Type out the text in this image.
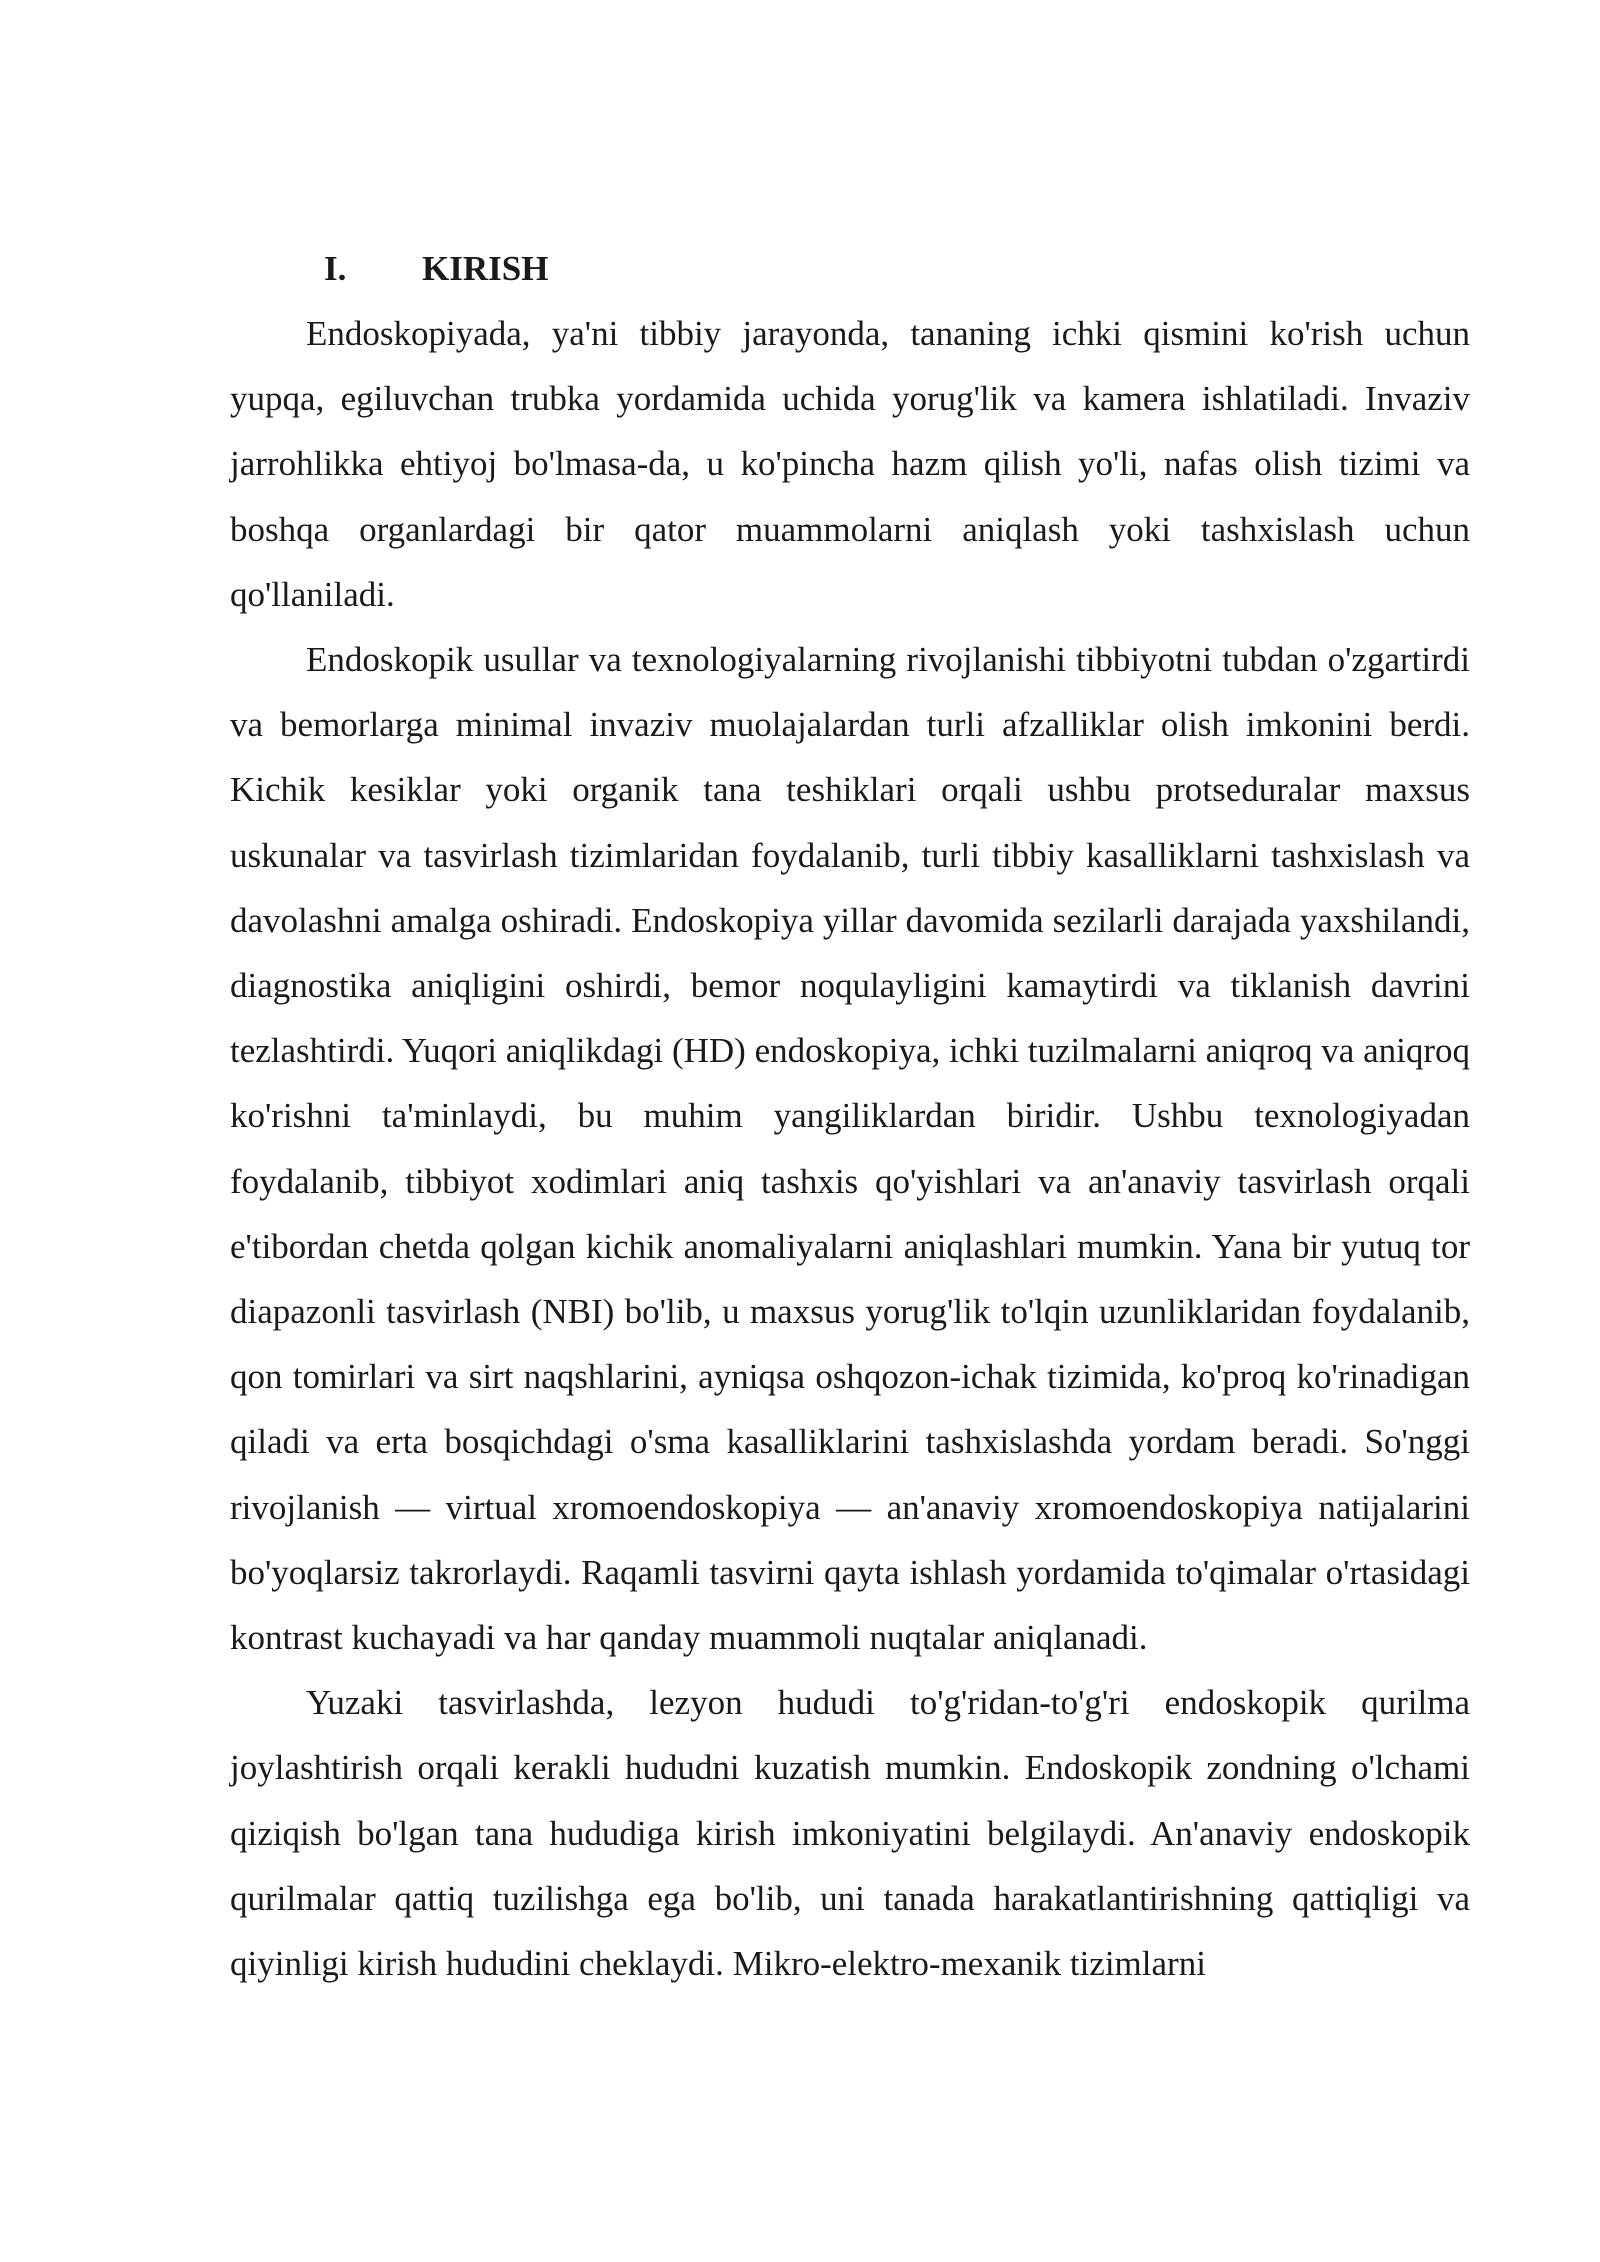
I.	KIRISH

Endoskopiyada, ya'ni tibbiy jarayonda, tananing ichki qismini ko'rish uchun yupqa, egiluvchan trubka yordamida uchida yorug'lik va kamera ishlatiladi. Invaziv jarrohlikka ehtiyoj bo'lmasa-da, u ko'pincha hazm qilish yo'li, nafas olish tizimi va boshqa organlardagi bir qator muammolarni aniqlash yoki tashxislash uchun qo'llaniladi.

Endoskopik usullar va texnologiyalarning rivojlanishi tibbiyotni tubdan o'zgartirdi va bemorlarga minimal invaziv muolajalardan turli afzalliklar olish imkonini berdi. Kichik kesiklar yoki organik tana teshiklari orqali ushbu protseduralar maxsus uskunalar va tasvirlash tizimlaridan foydalanib, turli tibbiy kasalliklarni tashxislash va davolashni amalga oshiradi. Endoskopiya yillar davomida sezilarli darajada yaxshilandi, diagnostika aniqligini oshirdi, bemor noqulayligini kamaytirdi va tiklanish davrini tezlashtirdi. Yuqori aniqlikdagi (HD) endoskopiya, ichki tuzilmalarni aniqroq va aniqroq ko'rishni ta'minlaydi, bu muhim yangiliklardan biridir. Ushbu texnologiyadan foydalanib, tibbiyot xodimlari aniq tashxis qo'yishlari va an'anaviy tasvirlash orqali e'tibordan chetda qolgan kichik anomaliyalarni aniqlashlari mumkin. Yana bir yutuq tor diapazonli tasvirlash (NBI) bo'lib, u maxsus yorug'lik to'lqin uzunliklaridan foydalanib, qon tomirlari va sirt naqshlarini, ayniqsa oshqozon-ichak tizimida, ko'proq ko'rinadigan qiladi va erta bosqichdagi o'sma kasalliklarini tashxislashda yordam beradi. So'nggi rivojlanish — virtual xromoendoskopiya — an'anaviy xromoendoskopiya natijalarini bo'yoqlarsiz takrorlaydi. Raqamli tasvirni qayta ishlash yordamida to'qimalar o'rtasidagi kontrast kuchayadi va har qanday muammoli nuqtalar aniqlanadi.

Yuzaki tasvirlashda, lezyon hududi to'g'ridan-to'g'ri endoskopik qurilma joylashtirish orqali kerakli hududni kuzatish mumkin. Endoskopik zondning o'lchami qiziqish bo'lgan tana hududiga kirish imkoniyatini belgilaydi. An'anaviy endoskopik qurilmalar qattiq tuzilishga ega bo'lib, uni tanada harakatlantirishning qattiqligi va qiyinligi kirish hududini cheklaydi. Mikro-elektro-mexanik tizimlarni
